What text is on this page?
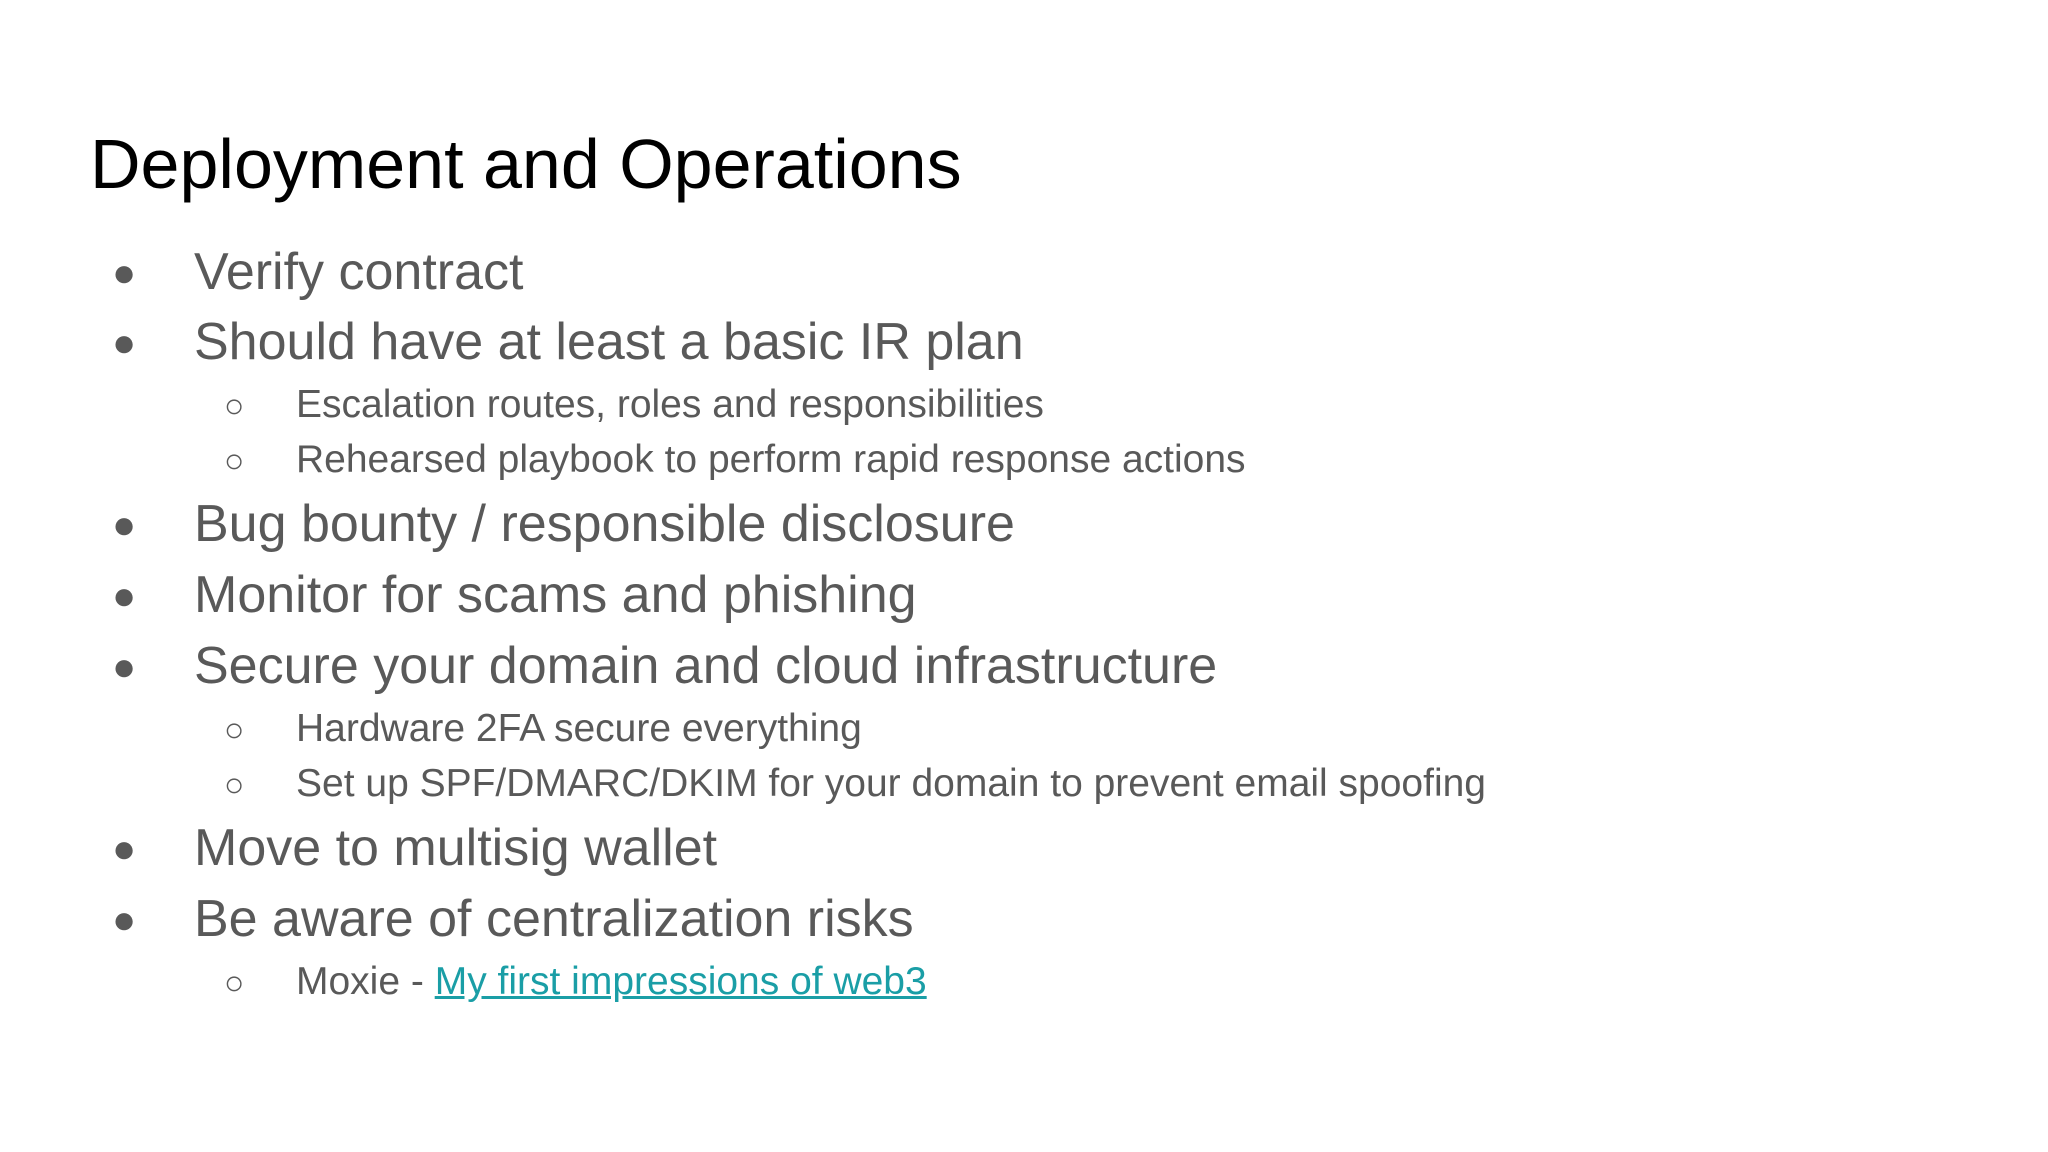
Deployment and Operations
● Verify contract
● Should have at least a basic IR plan
○ Escalation routes, roles and responsibilities
○ Rehearsed playbook to perform rapid response actions
● Bug bounty / responsible disclosure
● Monitor for scams and phishing
● Secure your domain and cloud infrastructure
○ Hardware 2FA secure everything
○ Set up SPF/DMARC/DKIM for your domain to prevent email spoofing
● Move to multisig wallet
● Be aware of centralization risks
○ Moxie - My first impressions of web3
